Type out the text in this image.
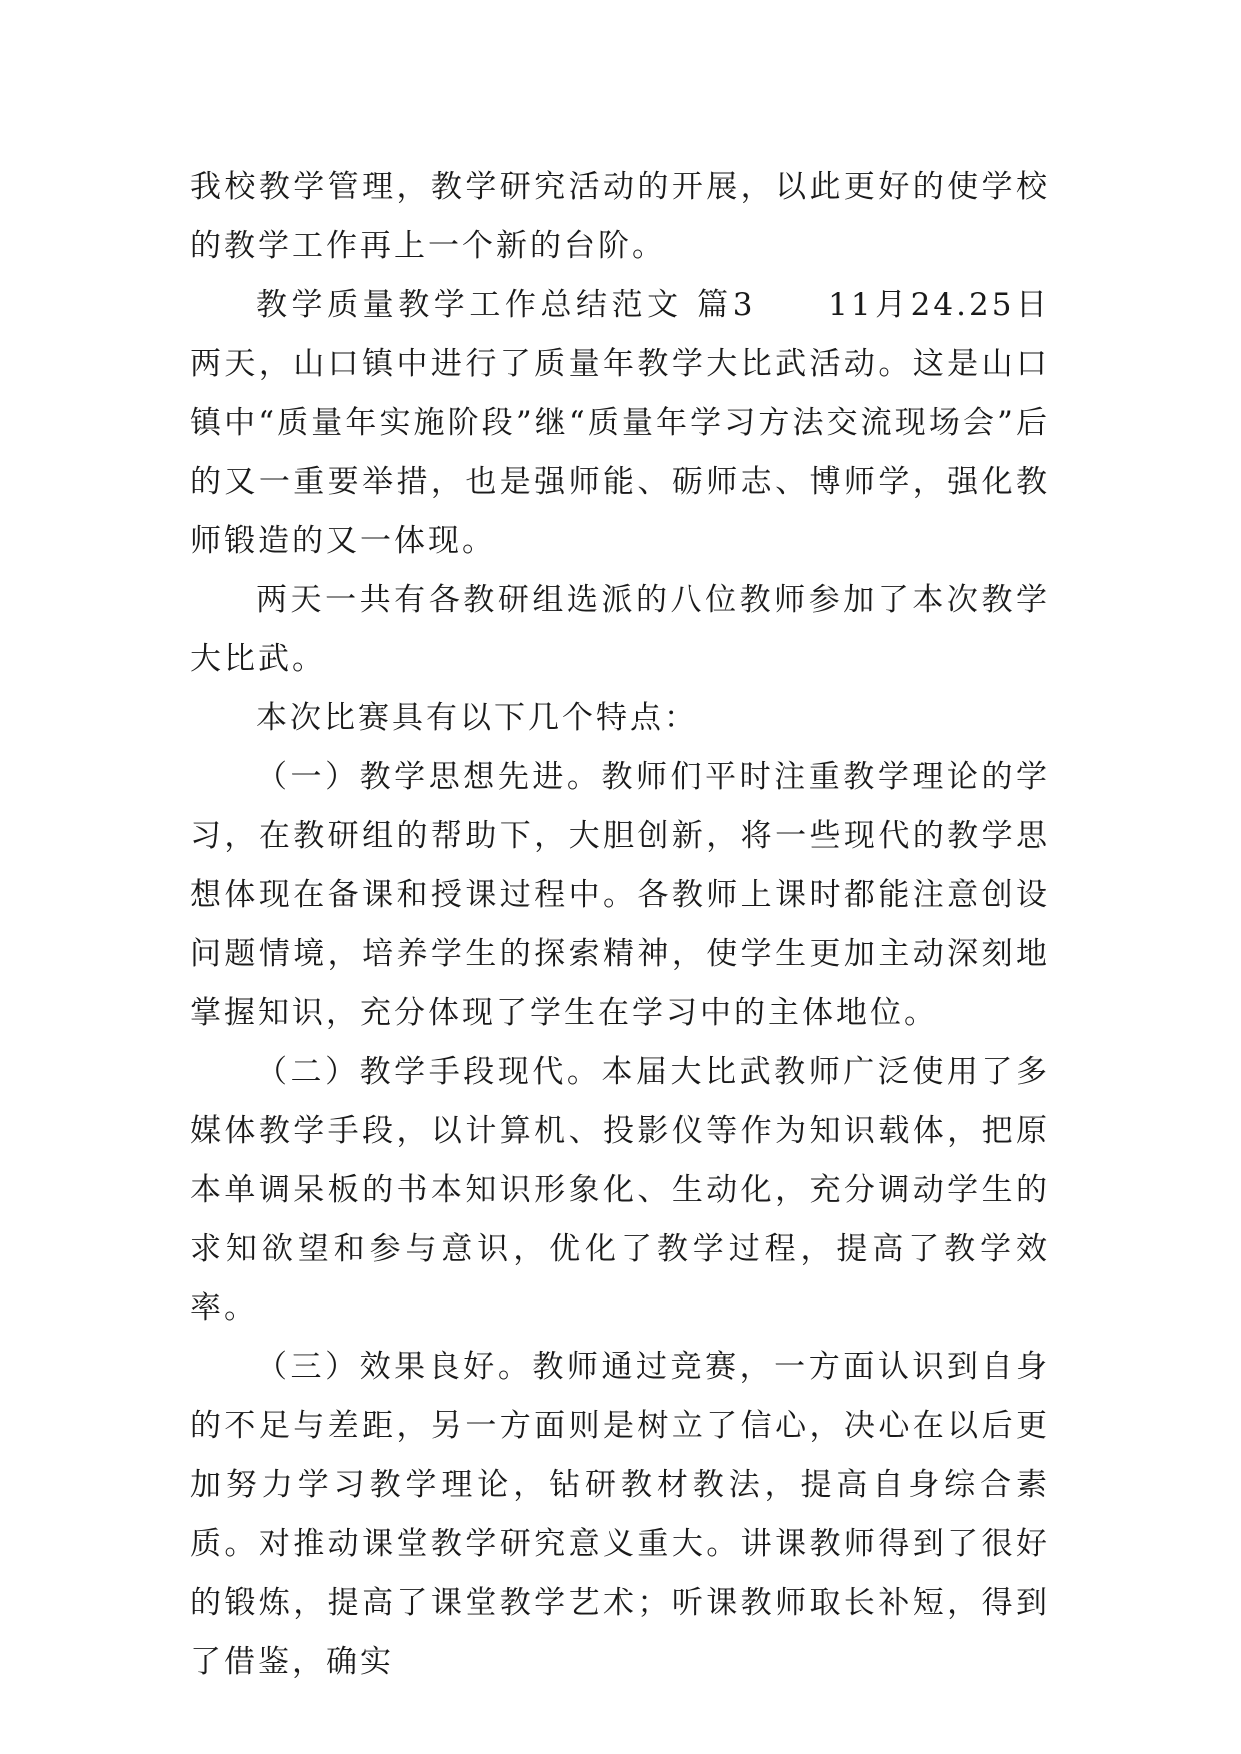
我校教学管理，教学研究活动的开展，以此更好的使学校的教学工作再上一个新的台阶。

教学质量教学工作总结范文 篇3　　11月24.25日两天，山口镇中进行了质量年教学大比武活动。这是山口镇中“质量年实施阶段”继“质量年学习方法交流现场会”后的又一重要举措，也是强师能、砺师志、博师学，强化教师锻造的又一体现。

两天一共有各教研组选派的八位教师参加了本次教学大比武。

本次比赛具有以下几个特点：

（一）教学思想先进。教师们平时注重教学理论的学习，在教研组的帮助下，大胆创新，将一些现代的教学思想体现在备课和授课过程中。各教师上课时都能注意创设问题情境，培养学生的探索精神，使学生更加主动深刻地掌握知识，充分体现了学生在学习中的主体地位。

（二）教学手段现代。本届大比武教师广泛使用了多媒体教学手段，以计算机、投影仪等作为知识载体，把原本单调呆板的书本知识形象化、生动化，充分调动学生的求知欲望和参与意识，优化了教学过程，提高了教学效率。

（三）效果良好。教师通过竞赛，一方面认识到自身的不足与差距，另一方面则是树立了信心，决心在以后更加努力学习教学理论，钻研教材教法，提高自身综合素质。对推动课堂教学研究意义重大。讲课教师得到了很好的锻炼，提高了课堂教学艺术；听课教师取长补短，得到了借鉴，确实
